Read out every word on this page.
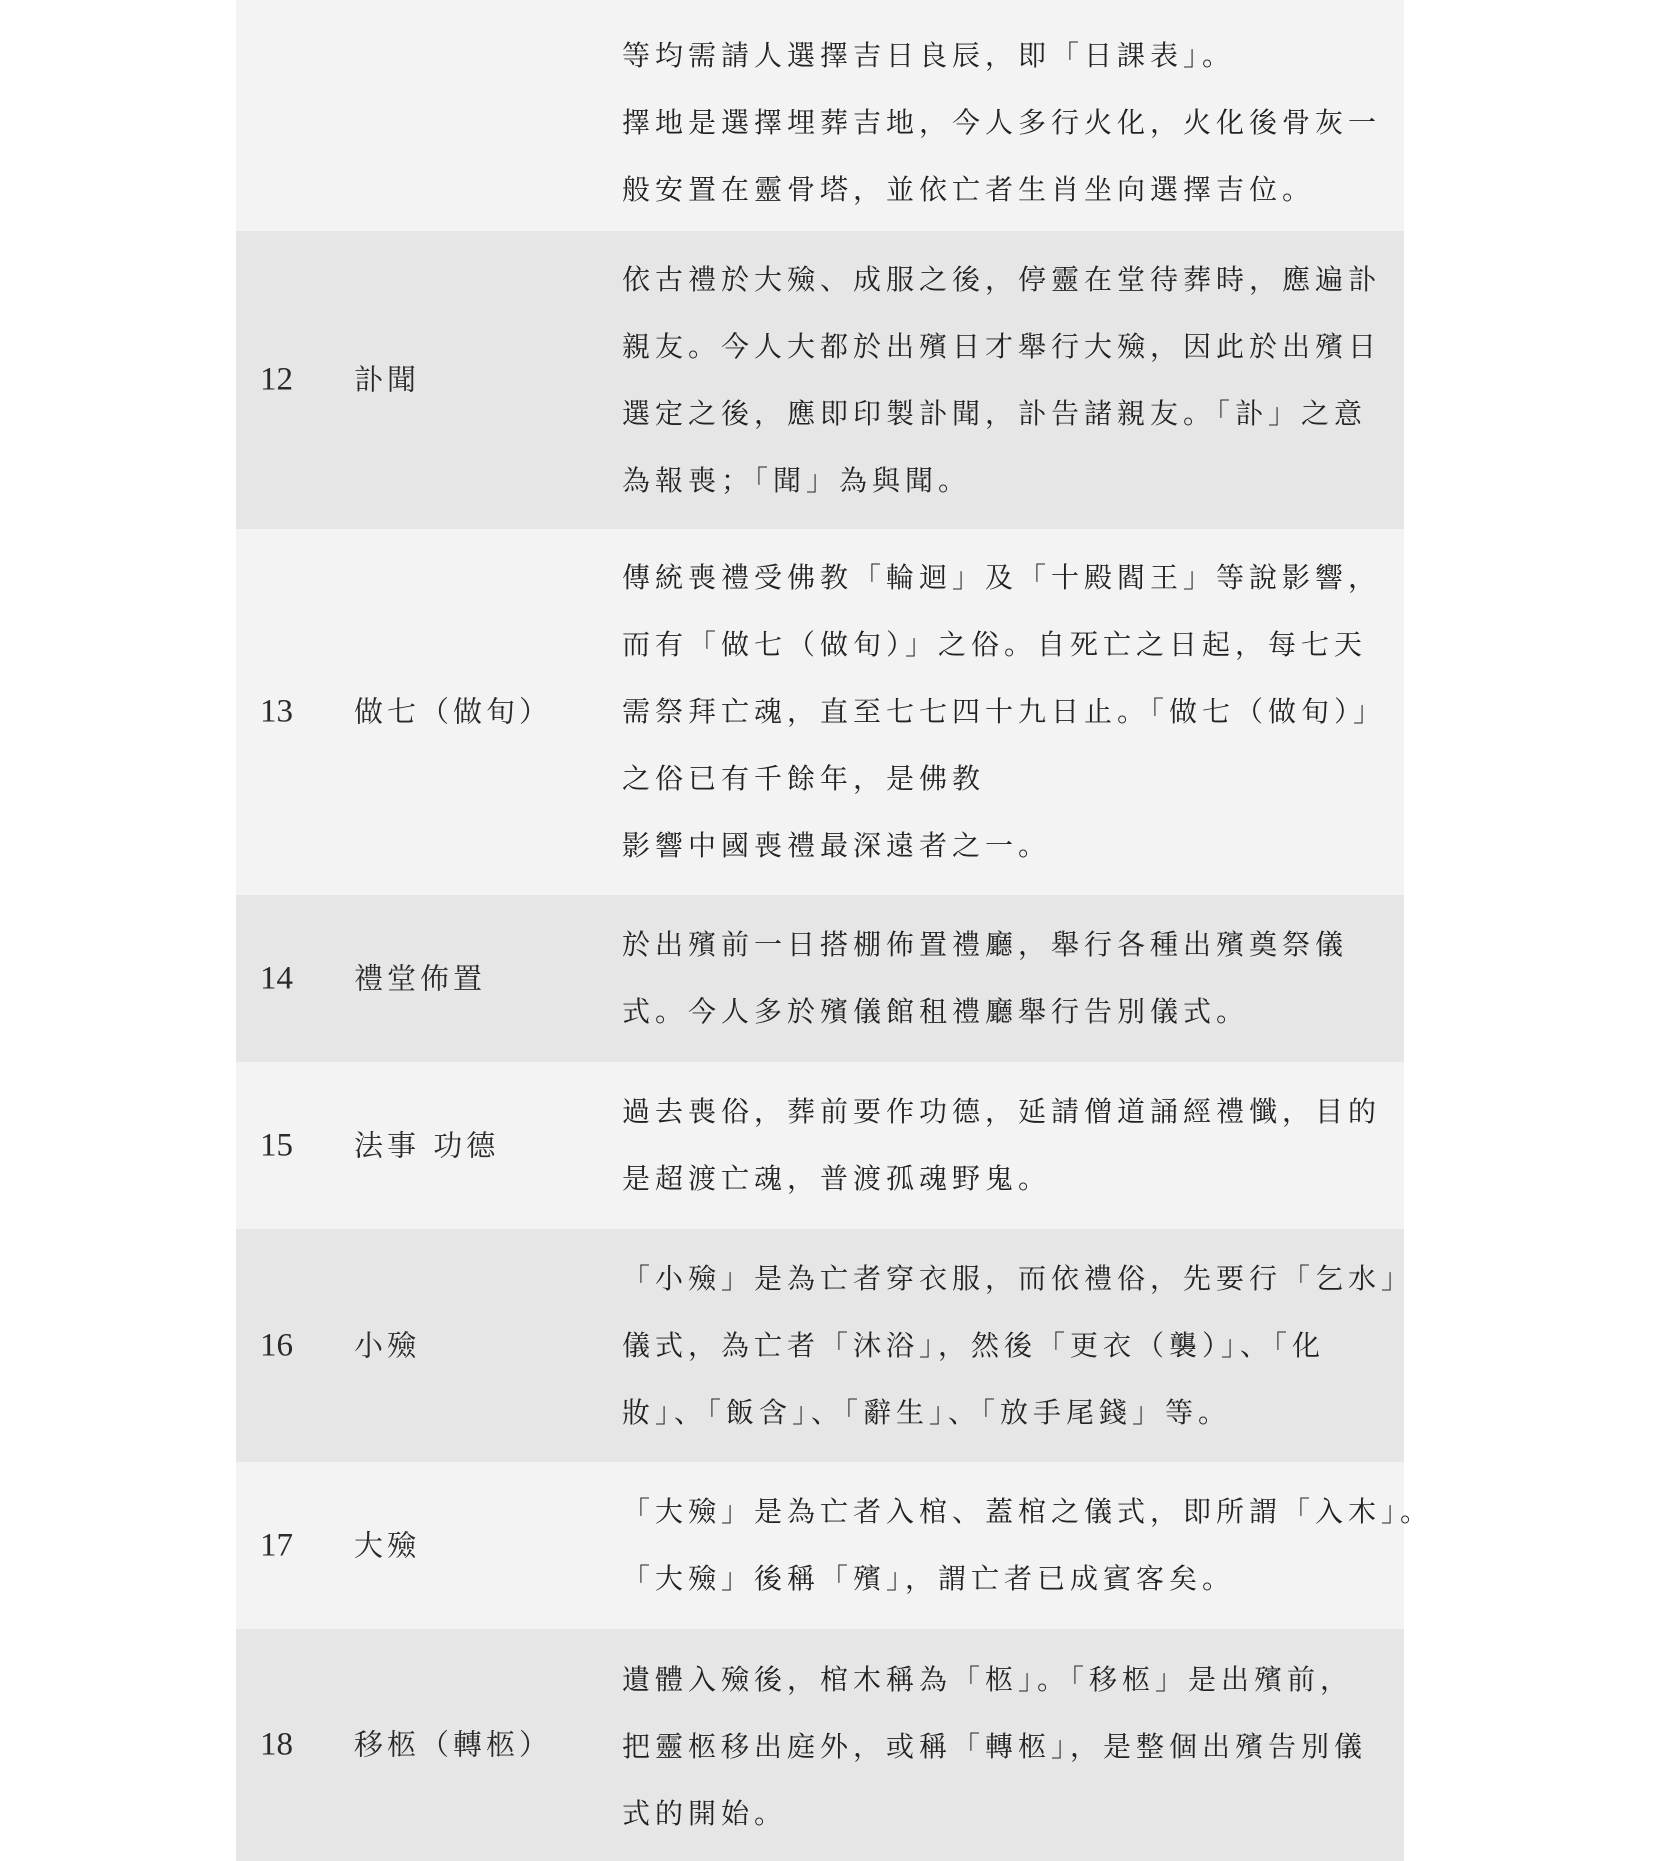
等均需請人選擇吉日良辰，即「日課表」。
擇地是選擇埋葬吉地，今人多行火化，火化後骨灰一
般安置在靈骨塔，並依亡者生肖坐向選擇吉位。
12 訃聞
依古禮於大殮、成服之後，停靈在堂待葬時，應遍訃
親友。今人大都於出殯日才舉行大殮，因此於出殯日
選定之後，應即印製訃聞，訃告諸親友。「訃」之意
為報喪；「聞」為與聞。
13 做七（做旬）
傳統喪禮受佛教「輪迴」及「十殿閻王」等說影響，
而有「做七（做旬）」之俗。自死亡之日起，每七天
需祭拜亡魂，直至七七四十九日止。「做七（做旬）」
之俗已有千餘年，是佛教
影響中國喪禮最深遠者之一。
14 禮堂佈置
於出殯前一日搭棚佈置禮廳，舉行各種出殯奠祭儀
式。今人多於殯儀館租禮廳舉行告別儀式。
15 法事 功德
過去喪俗，葬前要作功德，延請僧道誦經禮懺，目的
是超渡亡魂，普渡孤魂野鬼。
16 小殮
「小殮」是為亡者穿衣服，而依禮俗，先要行「乞水」
儀式，為亡者「沐浴」，然後「更衣（襲）」、「化
妝」、「飯含」、「辭生」、「放手尾錢」等。
17 大殮
「大殮」是為亡者入棺、蓋棺之儀式，即所謂「入木」。
「大殮」後稱「殯」，謂亡者已成賓客矣。
18 移柩（轉柩）
遺體入殮後，棺木稱為「柩」。「移柩」是出殯前，
把靈柩移出庭外，或稱「轉柩」，是整個出殯告別儀
式的開始。
